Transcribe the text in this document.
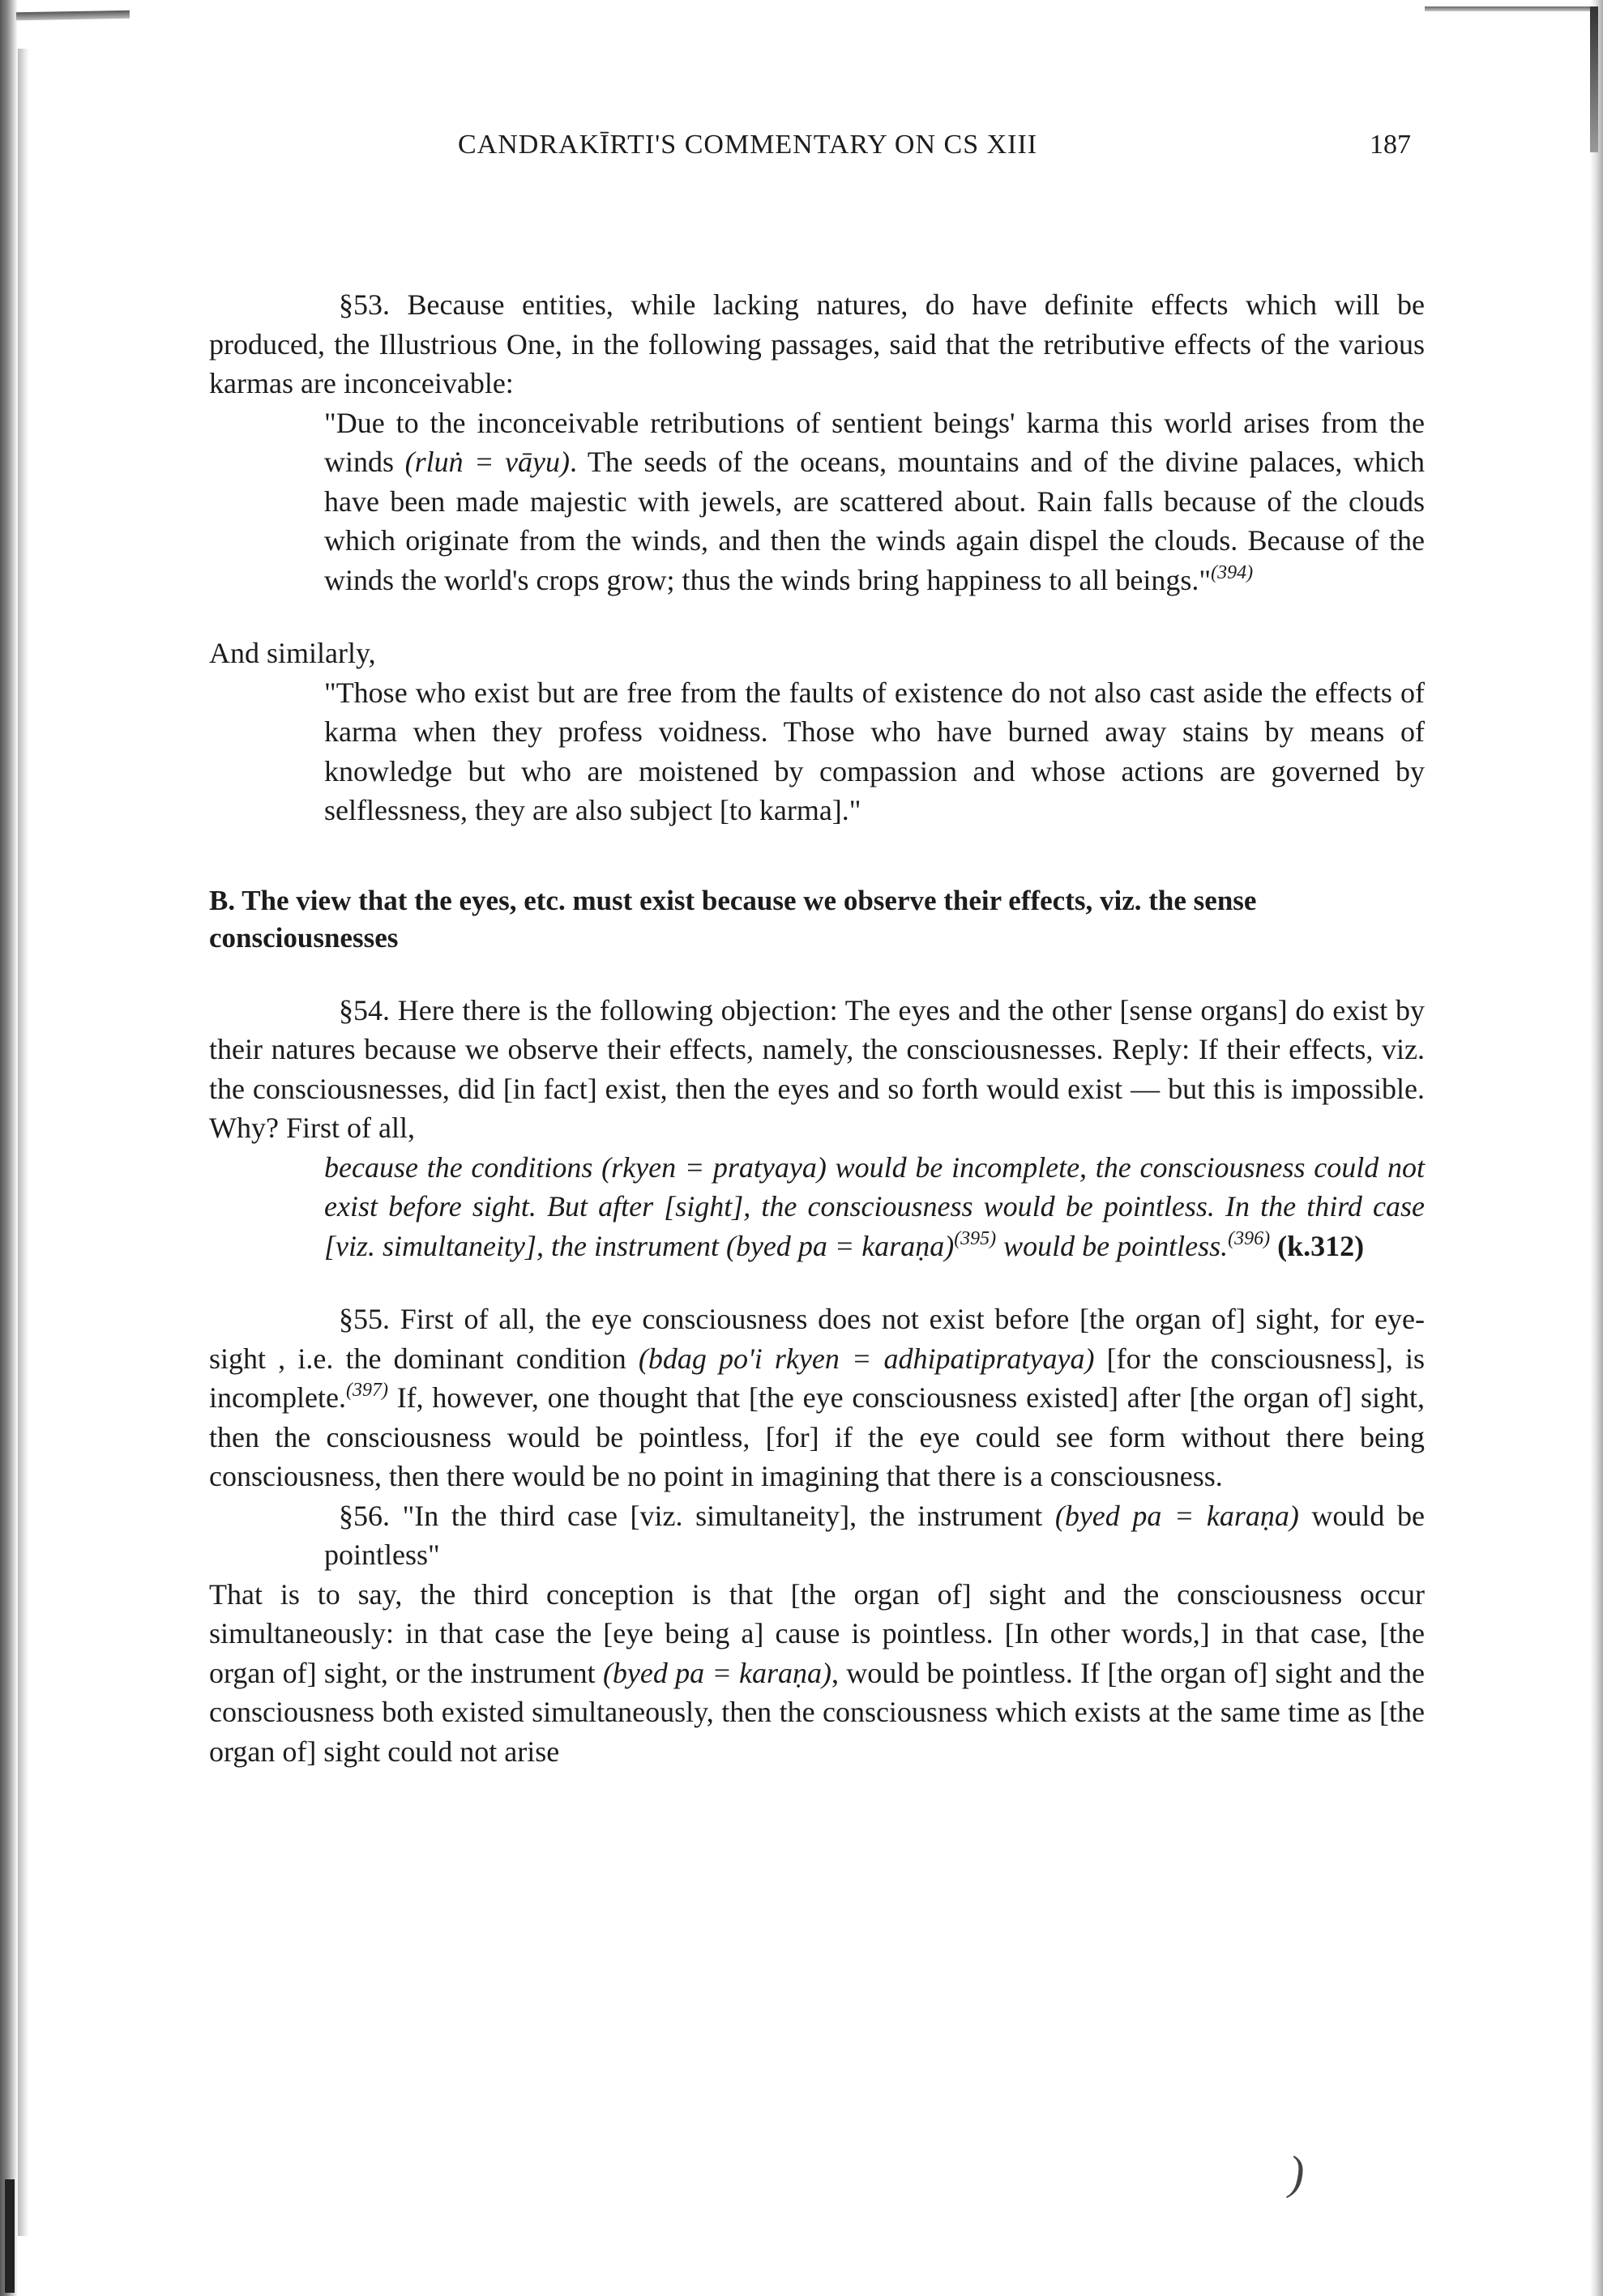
CANDRAKĪRTI'S COMMENTARY ON CS XIII	187

§53. Because entities, while lacking natures, do have definite effects which will be produced, the Illustrious One, in the following passages, said that the retributive effects of the various karmas are inconceivable:

"Due to the inconceivable retributions of sentient beings' karma this world arises from the winds (rluṅ = vāyu). The seeds of the oceans, mountains and of the divine palaces, which have been made majestic with jewels, are scattered about. Rain falls because of the clouds which originate from the winds, and then the winds again dispel the clouds. Because of the winds the world's crops grow; thus the winds bring happiness to all beings."$^{(394)}$

And similarly,

"Those who exist but are free from the faults of existence do not also cast aside the effects of karma when they profess voidness. Those who have burned away stains by means of knowledge but who are moistened by compassion and whose actions are governed by selflessness, they are also subject [to karma]."

B. The view that the eyes, etc. must exist because we observe their effects, viz. the sense consciousnesses

§54. Here there is the following objection: The eyes and the other [sense organs] do exist by their natures because we observe their effects, namely, the consciousnesses. Reply: If their effects, viz. the consciousnesses, did [in fact] exist, then the eyes and so forth would exist — but this is impossible. Why? First of all,

because the conditions (rkyen = pratyaya) would be incomplete, the consciousness could not exist before sight. But after [sight], the consciousness would be pointless. In the third case [viz. simultaneity], the instrument (byed pa = karaṇa)$^{(395)}$ would be pointless.$^{(396)}$ (k.312)

§55. First of all, the eye consciousness does not exist before [the organ of] sight, for eye-sight , i.e. the dominant condition (bdag po'i rkyen = adhipatipratyaya) [for the consciousness], is incomplete.$^{(397)}$ If, however, one thought that [the eye consciousness existed] after [the organ of] sight, then the consciousness would be pointless, [for] if the eye could see form without there being consciousness, then there would be no point in imagining that there is a consciousness.

§56. "In the third case [viz. simultaneity], the instrument (byed pa = karaṇa) would be pointless"

That is to say, the third conception is that [the organ of] sight and the consciousness occur simultaneously: in that case the [eye being a] cause is pointless. [In other words,] in that case, [the organ of] sight, or the instrument (byed pa = karaṇa), would be pointless. If [the organ of] sight and the consciousness both existed simultaneously, then the consciousness which exists at the same time as [the organ of] sight could not arise

)
